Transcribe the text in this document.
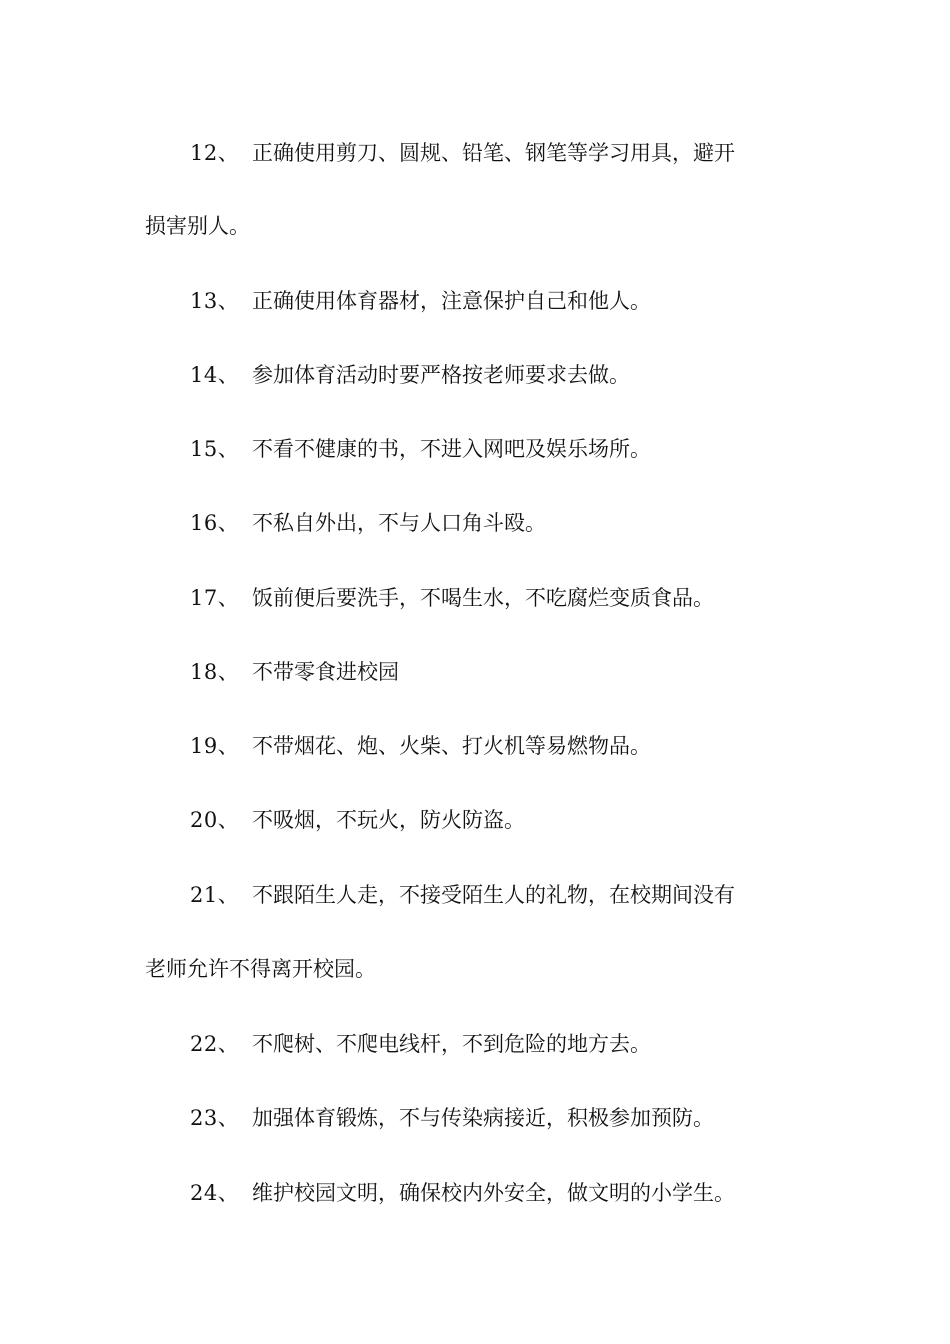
12、 正确使用剪刀、圆规、铅笔、钢笔等学习用具，避开
损害别人。
13、 正确使用体育器材，注意保护自己和他人。
14、 参加体育活动时要严格按老师要求去做。
15、 不看不健康的书，不进入网吧及娱乐场所。
16、 不私自外出，不与人口角斗殴。
17、 饭前便后要洗手，不喝生水，不吃腐烂变质食品。
18、 不带零食进校园
19、 不带烟花、炮、火柴、打火机等易燃物品。
20、 不吸烟，不玩火，防火防盗。
21、 不跟陌生人走，不接受陌生人的礼物，在校期间没有
老师允许不得离开校园。
22、 不爬树、不爬电线杆，不到危险的地方去。
23、 加强体育锻炼，不与传染病接近，积极参加预防。
24、 维护校园文明，确保校内外安全，做文明的小学生。
